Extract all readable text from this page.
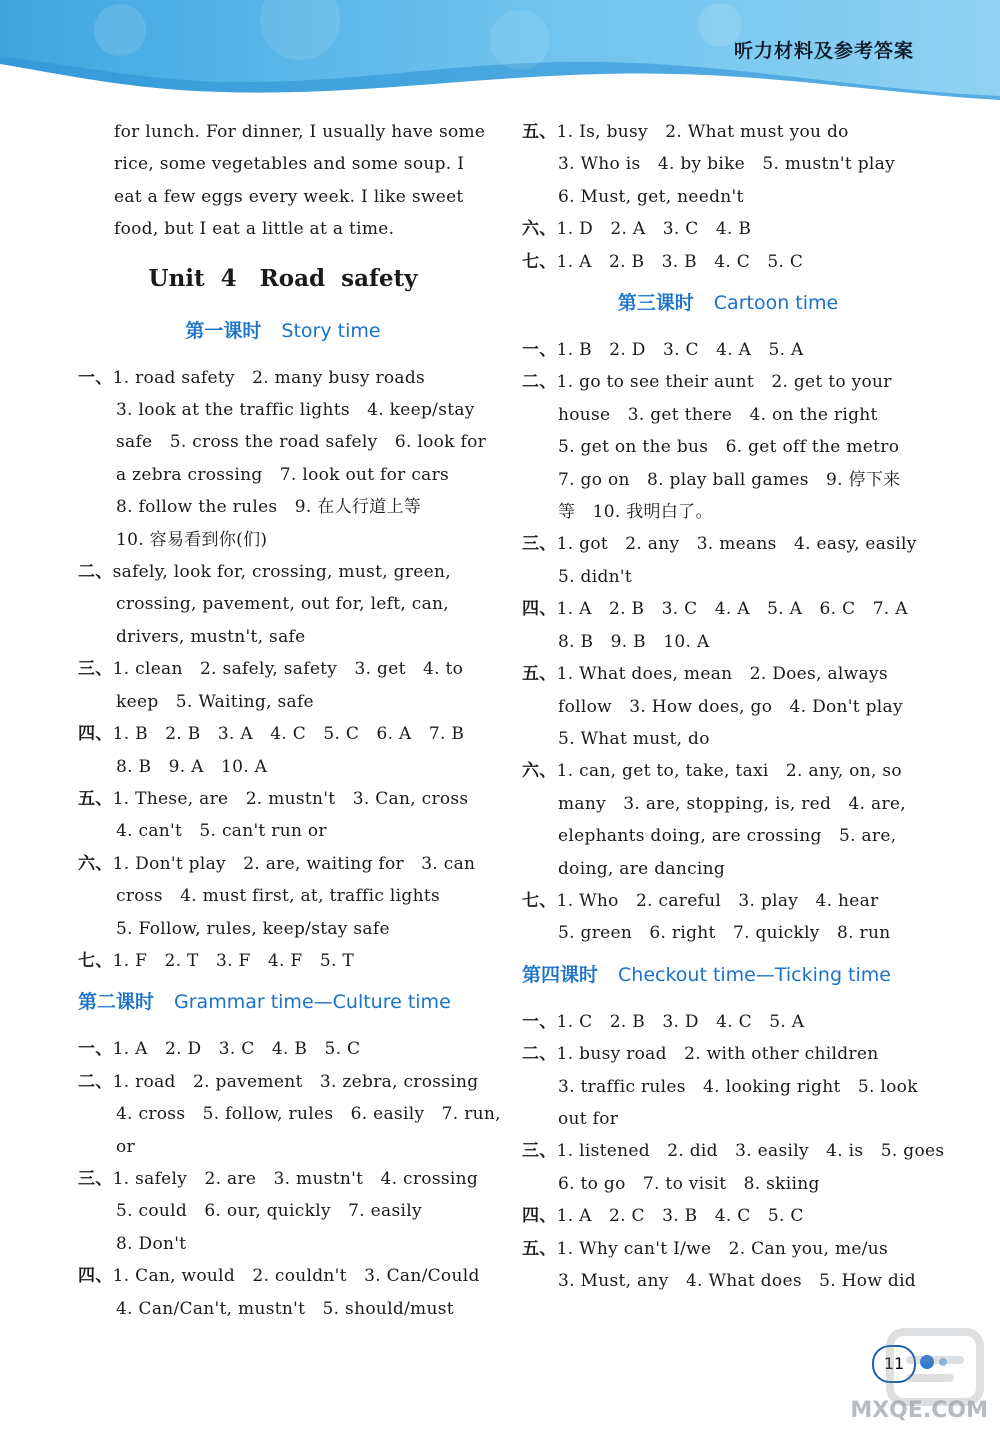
听力材料及参考答案
for lunch. For dinner, I usually have some
rice, some vegetables and some soup. I
eat a few eggs every week. I like sweet
food, but I eat a little at a time.
Unit 4　Road safety
第一课时 Story time
一、1. road safety　2. many busy roads
3. look at the traffic lights　4. keep/stay
safe　5. cross the road safely　6. look for
a zebra crossing　7. look out for cars
8. follow the rules　9. 在人行道上等
10. 容易看到你(们)
二、safely, look for, crossing, must, green,
crossing, pavement, out for, left, can,
drivers, mustn't, safe
三、1. clean　2. safely, safety　3. get　4. to
keep　5. Waiting, safe
四、1. B　2. B　3. A　4. C　5. C　6. A　7. B
8. B　9. A　10. A
五、1. These, are　2. mustn't　3. Can, cross
4. can't　5. can't run or
六、1. Don't play　2. are, waiting for　3. can
cross　4. must first, at, traffic lights
5. Follow, rules, keep/stay safe
七、1. F　2. T　3. F　4. F　5. T
第二课时 Grammar time—Culture time
一、1. A　2. D　3. C　4. B　5. C
二、1. road　2. pavement　3. zebra, crossing
4. cross　5. follow, rules　6. easily　7. run,
or
三、1. safely　2. are　3. mustn't　4. crossing
5. could　6. our, quickly　7. easily
8. Don't
四、1. Can, would　2. couldn't　3. Can/Could
4. Can/Can't, mustn't　5. should/must
五、1. Is, busy　2. What must you do
3. Who is　4. by bike　5. mustn't play
6. Must, get, needn't
六、1. D　2. A　3. C　4. B
七、1. A　2. B　3. B　4. C　5. C
第三课时 Cartoon time
一、1. B　2. D　3. C　4. A　5. A
二、1. go to see their aunt　2. get to your
house　3. get there　4. on the right
5. get on the bus　6. get off the metro
7. go on　8. play ball games　9. 停下来
等　10. 我明白了。
三、1. got　2. any　3. means　4. easy, easily
5. didn't
四、1. A　2. B　3. C　4. A　5. A　6. C　7. A
8. B　9. B　10. A
五、1. What does, mean　2. Does, always
follow　3. How does, go　4. Don't play
5. What must, do
六、1. can, get to, take, taxi　2. any, on, so
many　3. are, stopping, is, red　4. are,
elephants doing, are crossing　5. are,
doing, are dancing
七、1. Who　2. careful　3. play　4. hear
5. green　6. right　7. quickly　8. run
第四课时 Checkout time—Ticking time
一、1. C　2. B　3. D　4. C　5. A
二、1. busy road　2. with other children
3. traffic rules　4. looking right　5. look
out for
三、1. listened　2. did　3. easily　4. is　5. goes
6. to go　7. to visit　8. skiing
四、1. A　2. C　3. B　4. C　5. C
五、1. Why can't I/we　2. Can you, me/us
3. Must, any　4. What does　5. How did
11
MXQE.COM
